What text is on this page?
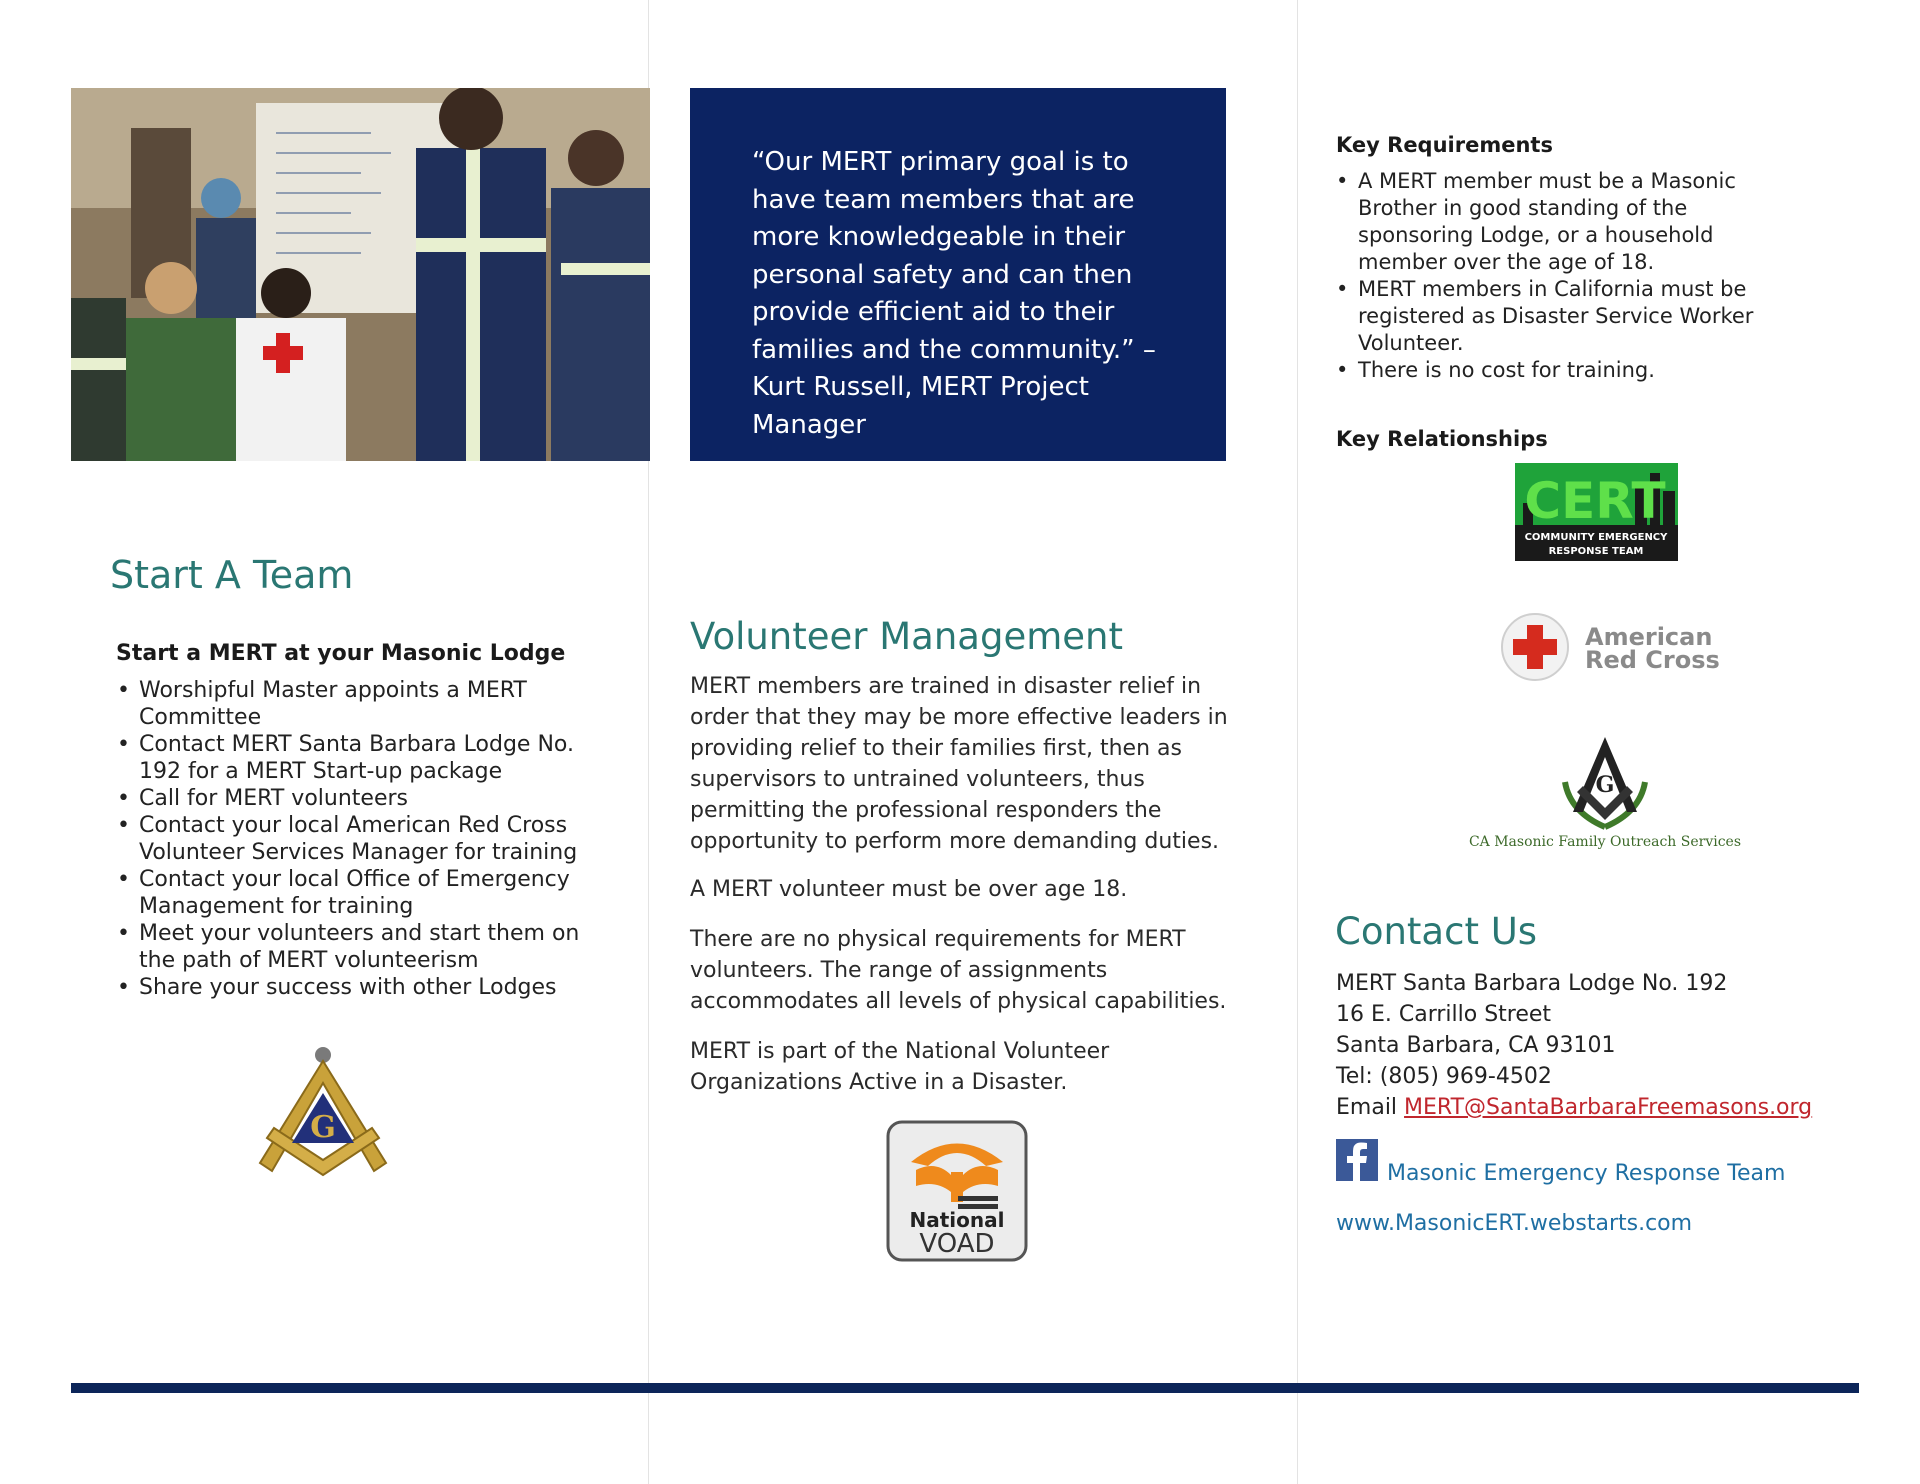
Start A Team
Start a MERT at your Masonic Lodge
• Worshipful Master appoints a MERT Committee
• Contact MERT Santa Barbara Lodge No. 192 for a MERT Start-up package
• Call for MERT volunteers
• Contact your local American Red Cross Volunteer Services Manager for training
• Contact your local Office of Emergency Management for training
• Meet your volunteers and start them on the path of MERT volunteerism
• Share your success with other Lodges
G

“Our MERT primary goal is to have team members that are more knowledgeable in their personal safety and can then provide efficient aid to their families and the community.” –Kurt Russell, MERT Project Manager

Volunteer Management

MERT members are trained in disaster relief in order that they may be more effective leaders in providing relief to their families first, then as supervisors to untrained volunteers, thus permitting the professional responders the opportunity to perform more demanding duties.

A MERT volunteer must be over age 18.

There are no physical requirements for MERT volunteers. The range of assignments accommodates all levels of physical capabilities.

MERT is part of the National Volunteer Organizations Active in a Disaster.

National
VOAD
Key Requirements
• A MERT member must be a Masonic Brother in good standing of the sponsoring Lodge, or a household member over the age of 18.
• MERT members in California must be registered as Disaster Service Worker Volunteer.
• There is no cost for training.
Key Relationships
CERT
COMMUNITY EMERGENCY
RESPONSE TEAM
American
Red Cross
G
CA Masonic Family Outreach Services
Contact Us

MERT Santa Barbara Lodge No. 192

16 E. Carrillo Street

Santa Barbara, CA 93101

Tel: (805) 969-4502

Email MERT@SantaBarbaraFreemasons.org

Masonic Emergency Response Team
www.MasonicERT.webstarts.com
